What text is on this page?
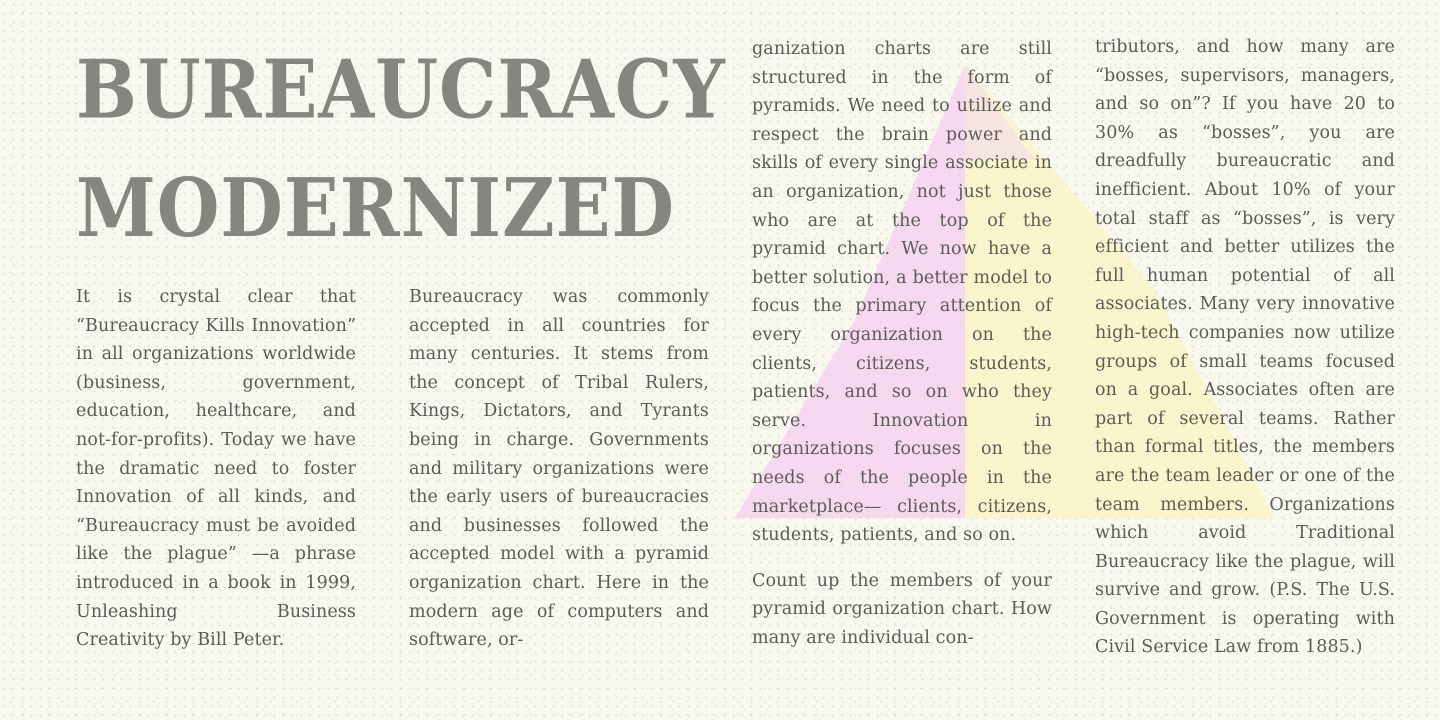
BUREAUCRACY
MODERNIZED

It is crystal clear that “Bureaucracy Kills Innovation” in all organizations worldwide (business, government, education, healthcare, and not-for-profits). Today we have the dramatic need to foster Innovation of all kinds, and “Bureaucracy must be avoided like the plague” —a phrase introduced in a book in 1999, Unleashing Business Creativity by Bill Peter.

Bureaucracy was commonly accepted in all countries for many centuries. It stems from the concept of Tribal Rulers, Kings, Dictators, and Tyrants being in charge. Governments and military organizations were the early users of bureaucracies and businesses followed the accepted model with a pyramid organization chart. Here in the modern age of computers and software, or-

ganization charts are still structured in the form of pyramids. We need to utilize and respect the brain power and skills of every single associate in an organization, not just those who are at the top of the pyramid chart. We now have a better solution, a better model to focus the primary attention of every organization on the clients, citizens, students, patients, and so on who they serve. Innovation in organizations focuses on the needs of the people in the marketplace— clients, citizens, students, patients, and so on.

Count up the members of your pyramid organization chart. How many are individual con-

tributors, and how many are “bosses, supervisors, managers, and so on”? If you have 20 to 30% as “bosses”, you are dreadfully bureaucratic and inefficient. About 10% of your total staff as “bosses”, is very efficient and better utilizes the full human potential of all associates. Many very innovative high-tech companies now utilize groups of small teams focused on a goal. Associates often are part of several teams. Rather than formal titles, the members are the team leader or one of the team members. Organizations which avoid Traditional Bureaucracy like the plague, will survive and grow. (P.S. The U.S. Government is operating with Civil Service Law from 1885.)
